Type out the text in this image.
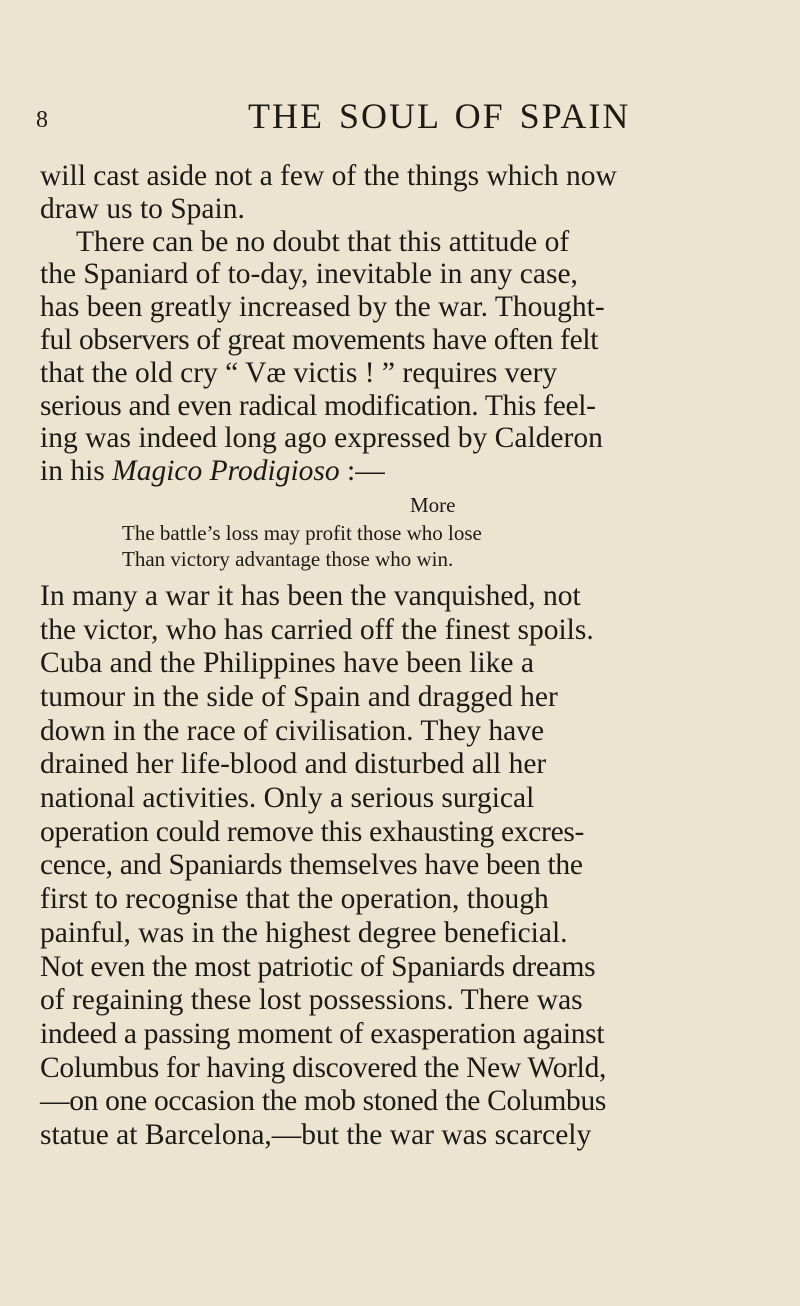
8	THE SOUL OF SPAIN
will cast aside not a few of the things which now
draw us to Spain.
There can be no doubt that this attitude of
the Spaniard of to-day, inevitable in any case,
has been greatly increased by the war. Thought-
ful observers of great movements have often felt
that the old cry “ Væ victis ! ” requires very
serious and even radical modification. This feel-
ing was indeed long ago expressed by Calderon
in his Magico Prodigioso :—
More
The battle’s loss may profit those who lose
Than victory advantage those who win.
In many a war it has been the vanquished, not
the victor, who has carried off the finest spoils.
Cuba and the Philippines have been like a
tumour in the side of Spain and dragged her
down in the race of civilisation. They have
drained her life-blood and disturbed all her
national activities. Only a serious surgical
operation could remove this exhausting excres-
cence, and Spaniards themselves have been the
first to recognise that the operation, though
painful, was in the highest degree beneficial.
Not even the most patriotic of Spaniards dreams
of regaining these lost possessions. There was
indeed a passing moment of exasperation against
Columbus for having discovered the New World,
—on one occasion the mob stoned the Columbus
statue at Barcelona,—but the war was scarcely
